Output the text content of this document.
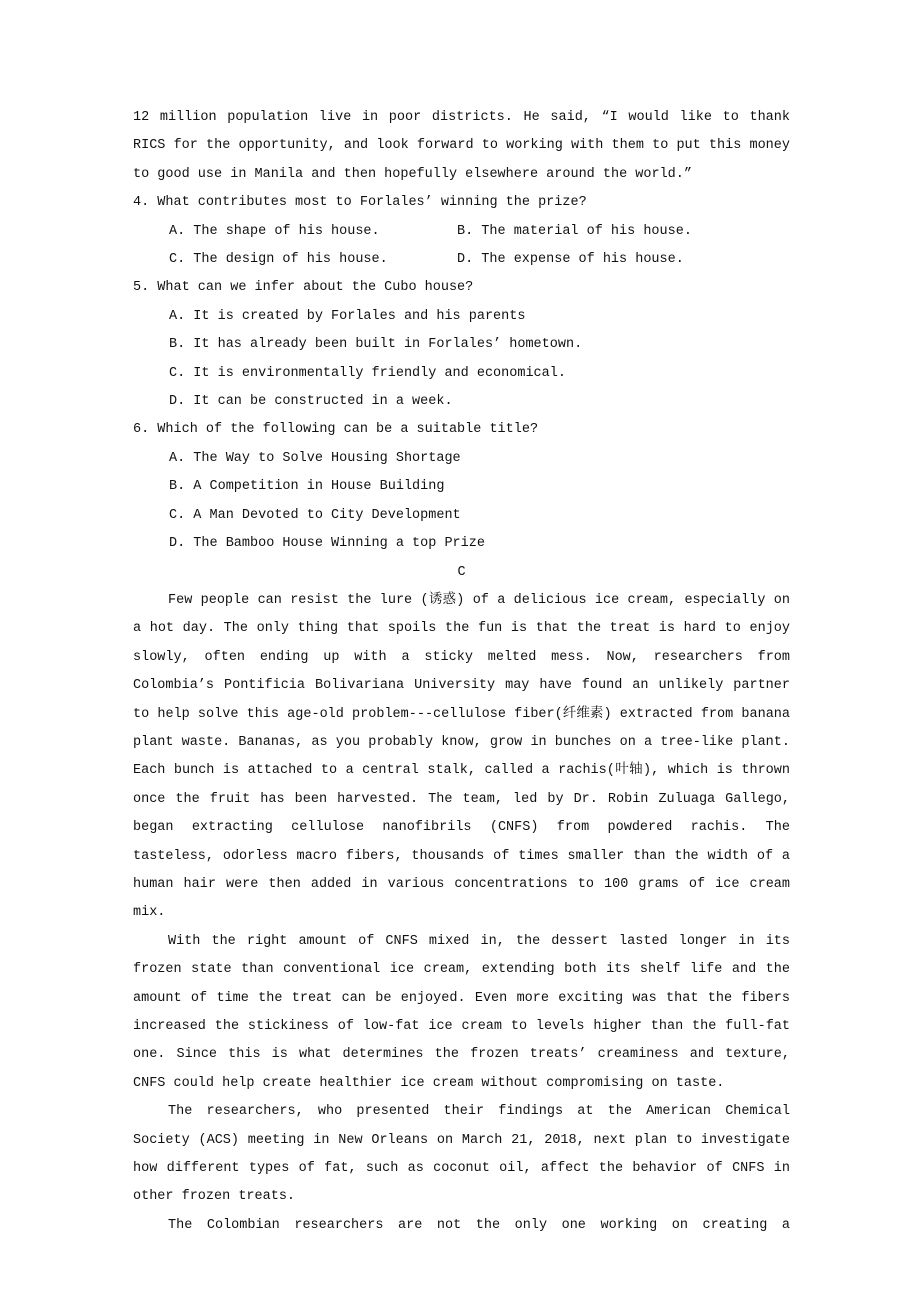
12 million population live in poor districts. He said, “I would like to thank RICS for the opportunity, and look forward to working with them to put this money to good use in Manila and then hopefully elsewhere around the world.”

4. What contributes most to Forlales’ winning the prize?

A. The shape of his house.	B. The material of his house.
C. The design of his house.	D. The expense of his house.

5. What can we infer about the Cubo house?

A. It is created by Forlales and his parents

B. It has already been built in Forlales’ hometown.

C. It is environmentally friendly and economical.

D. It can be constructed in a week.

6. Which of the following can be a suitable title?

A. The Way to Solve Housing Shortage

B. A Competition in House Building

C. A Man Devoted to City Development

D. The Bamboo House Winning a top Prize

C

Few people can resist the lure (诱惑) of a delicious ice cream, especially on a hot day. The only thing that spoils the fun is that the treat is hard to enjoy slowly, often ending up with a sticky melted mess. Now, researchers from Colombia’s Pontificia Bolivariana University may have found an unlikely partner to help solve this age-old problem---cellulose fiber(纤维素) extracted from banana plant waste. Bananas, as you probably know, grow in bunches on a tree-like plant. Each bunch is attached to a central stalk, called a rachis(叶轴), which is thrown once the fruit has been harvested. The team, led by Dr. Robin Zuluaga Gallego, began extracting cellulose nanofibrils (CNFS) from powdered rachis. The tasteless, odorless macro fibers, thousands of times smaller than the width of a human hair were then added in various concentrations to 100 grams of ice cream mix.

With the right amount of CNFS mixed in, the dessert lasted longer in its frozen state than conventional ice cream, extending both its shelf life and the amount of time the treat can be enjoyed. Even more exciting was that the fibers increased the stickiness of low-fat ice cream to levels higher than the full-fat one. Since this is what determines the frozen treats’ creaminess and texture, CNFS could help create healthier ice cream without compromising on taste.

The researchers, who presented their findings at the American Chemical Society (ACS) meeting in New Orleans on March 21, 2018, next plan to investigate how different types of fat, such as coconut oil, affect the behavior of CNFS in other frozen treats.

The Colombian researchers are not the only one working on creating a
